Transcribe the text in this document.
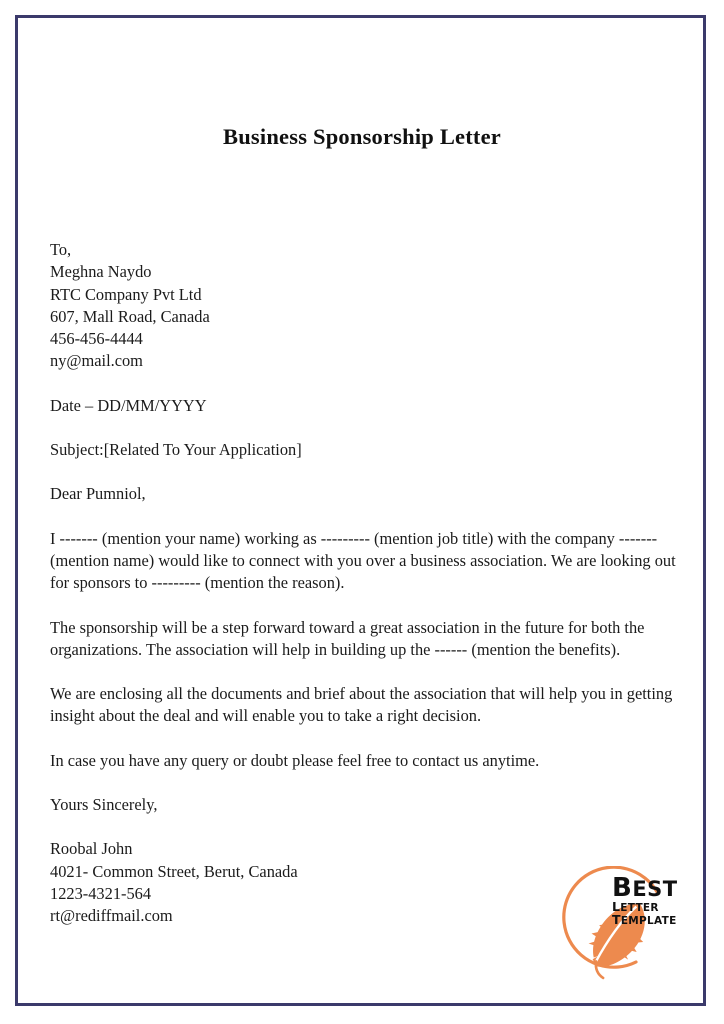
Business Sponsorship Letter
To,
Meghna Naydo
RTC Company Pvt Ltd
607, Mall Road, Canada
456-456-4444
ny@mail.com
Date – DD/MM/YYYY
Subject:[Related To Your Application]
Dear Pumniol,
I ------- (mention your name) working as --------- (mention job title) with the company -------(mention name) would like to connect with you over a business association. We are looking out for sponsors to --------- (mention the reason).
The sponsorship will be a step forward toward a great association in the future for both the organizations. The association will help in building up the ------ (mention the benefits).
We are enclosing all the documents and brief about the association that will help you in getting insight about the deal and will enable you to take a right decision.
In case you have any query or doubt please feel free to contact us anytime.
Yours Sincerely,
Roobal John
4021- Common Street, Berut, Canada
1223-4321-564
rt@rediffmail.com
BEST
LETTER TEMPLATE
